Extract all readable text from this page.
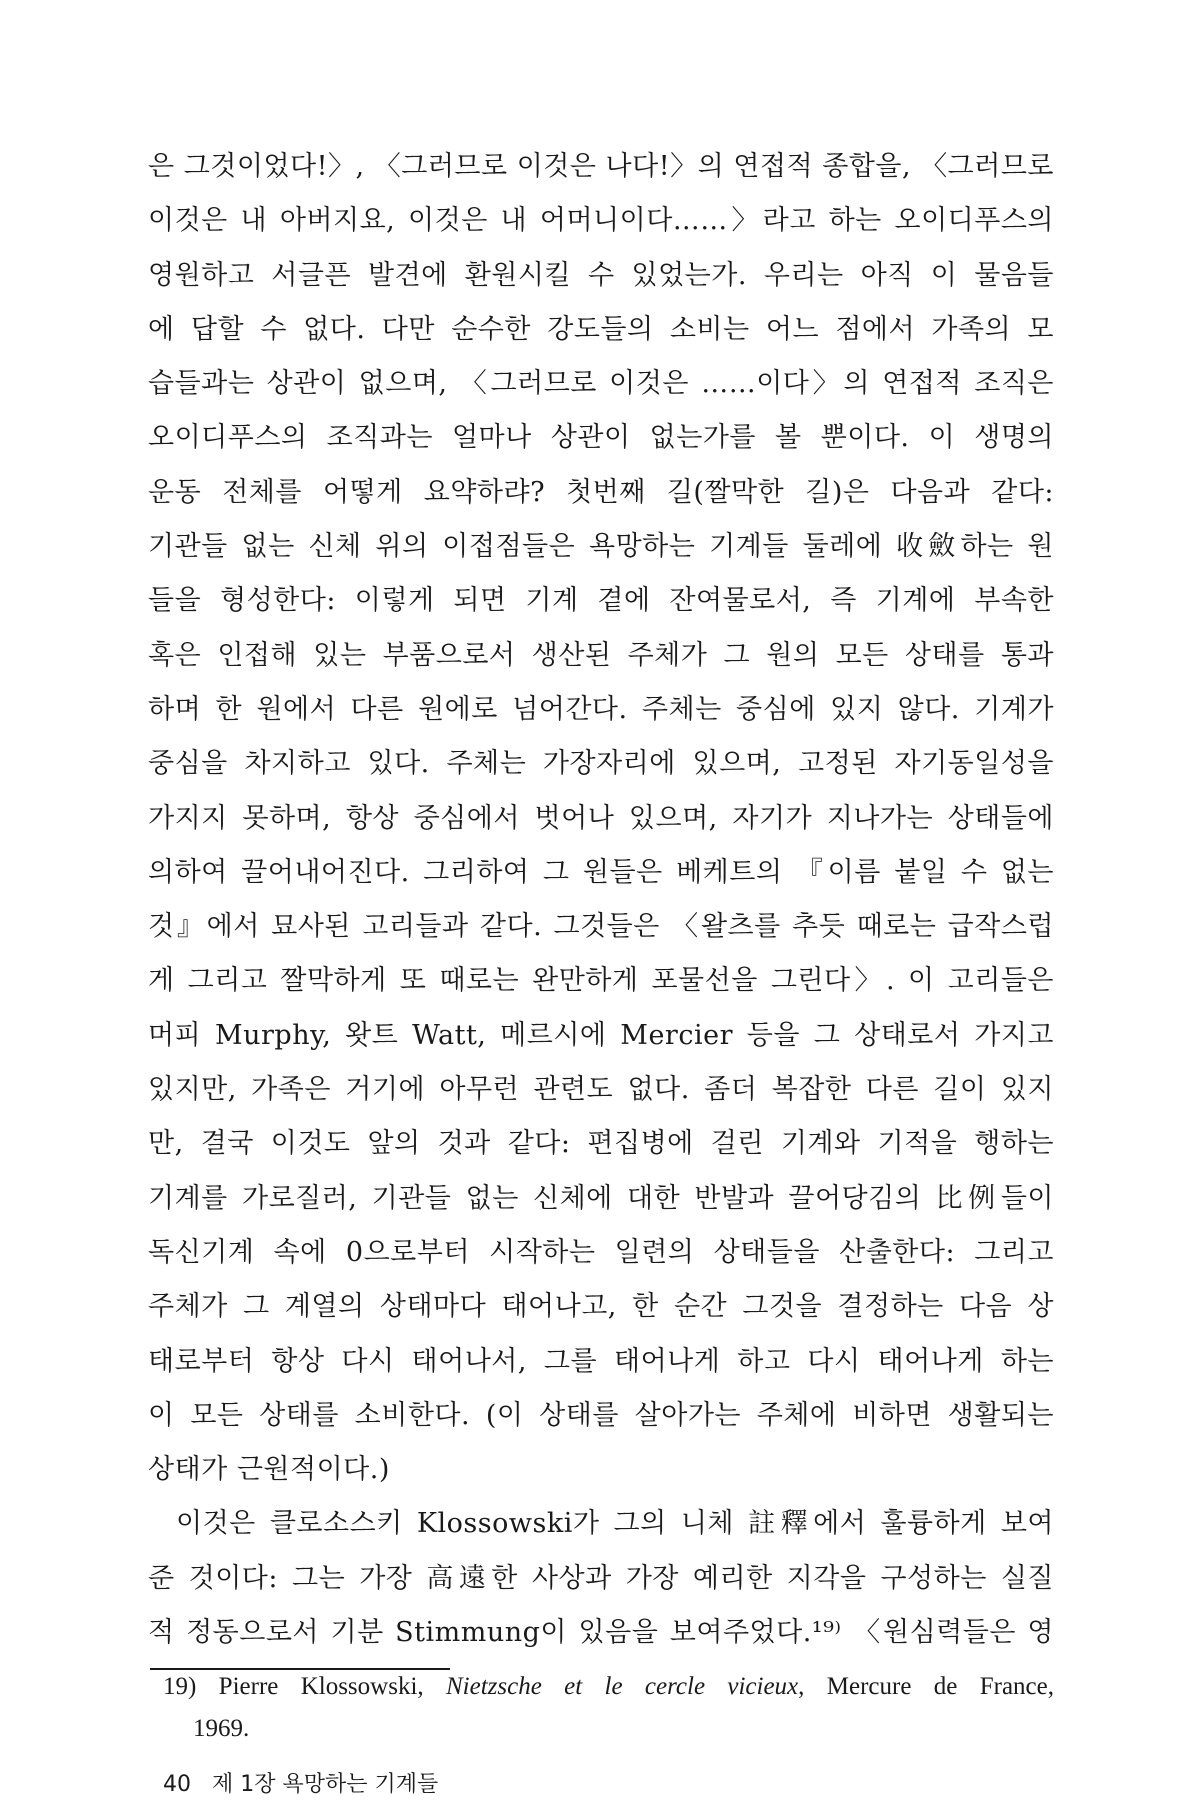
은 그것이었다!〉, 〈그러므로 이것은 나다!〉의 연접적 종합을, 〈그러므로
이것은 내 아버지요, 이것은 내 어머니이다……〉라고 하는 오이디푸스의
영원하고 서글픈 발견에 환원시킬 수 있었는가. 우리는 아직 이 물음들
에 답할 수 없다. 다만 순수한 강도들의 소비는 어느 점에서 가족의 모
습들과는 상관이 없으며, 〈그러므로 이것은 ……이다〉의 연접적 조직은
오이디푸스의 조직과는 얼마나 상관이 없는가를 볼 뿐이다. 이 생명의
운동 전체를 어떻게 요약하랴? 첫번째 길(짤막한 길)은 다음과 같다:
기관들 없는 신체 위의 이접점들은 욕망하는 기계들 둘레에 收斂하는 원
들을 형성한다: 이렇게 되면 기계 곁에 잔여물로서, 즉 기계에 부속한
혹은 인접해 있는 부품으로서 생산된 주체가 그 원의 모든 상태를 통과
하며 한 원에서 다른 원에로 넘어간다. 주체는 중심에 있지 않다. 기계가
중심을 차지하고 있다. 주체는 가장자리에 있으며, 고정된 자기동일성을
가지지 못하며, 항상 중심에서 벗어나 있으며, 자기가 지나가는 상태들에
의하여 끌어내어진다. 그리하여 그 원들은 베케트의 『이름 붙일 수 없는
것』에서 묘사된 고리들과 같다. 그것들은 〈왈츠를 추듯 때로는 급작스럽
게 그리고 짤막하게 또 때로는 완만하게 포물선을 그린다〉. 이 고리들은
머피 Murphy, 왓트 Watt, 메르시에 Mercier 등을 그 상태로서 가지고
있지만, 가족은 거기에 아무런 관련도 없다. 좀더 복잡한 다른 길이 있지
만, 결국 이것도 앞의 것과 같다: 편집병에 걸린 기계와 기적을 행하는
기계를 가로질러, 기관들 없는 신체에 대한 반발과 끌어당김의 比例들이
독신기계 속에 0으로부터 시작하는 일련의 상태들을 산출한다: 그리고
주체가 그 계열의 상태마다 태어나고, 한 순간 그것을 결정하는 다음 상
태로부터 항상 다시 태어나서, 그를 태어나게 하고 다시 태어나게 하는
이 모든 상태를 소비한다. (이 상태를 살아가는 주체에 비하면 생활되는
상태가 근원적이다.)
이것은 클로소스키 Klossowski가 그의 니체 註釋에서 훌륭하게 보여
준 것이다: 그는 가장 高遠한 사상과 가장 예리한 지각을 구성하는 실질
적 정동으로서 기분 Stimmung이 있음을 보여주었다.¹⁹⁾ 〈원심력들은 영
19) Pierre Klossowski, Nietzsche et le cercle vicieux, Mercure de France,
1969.
40 제 1장 욕망하는 기계들
